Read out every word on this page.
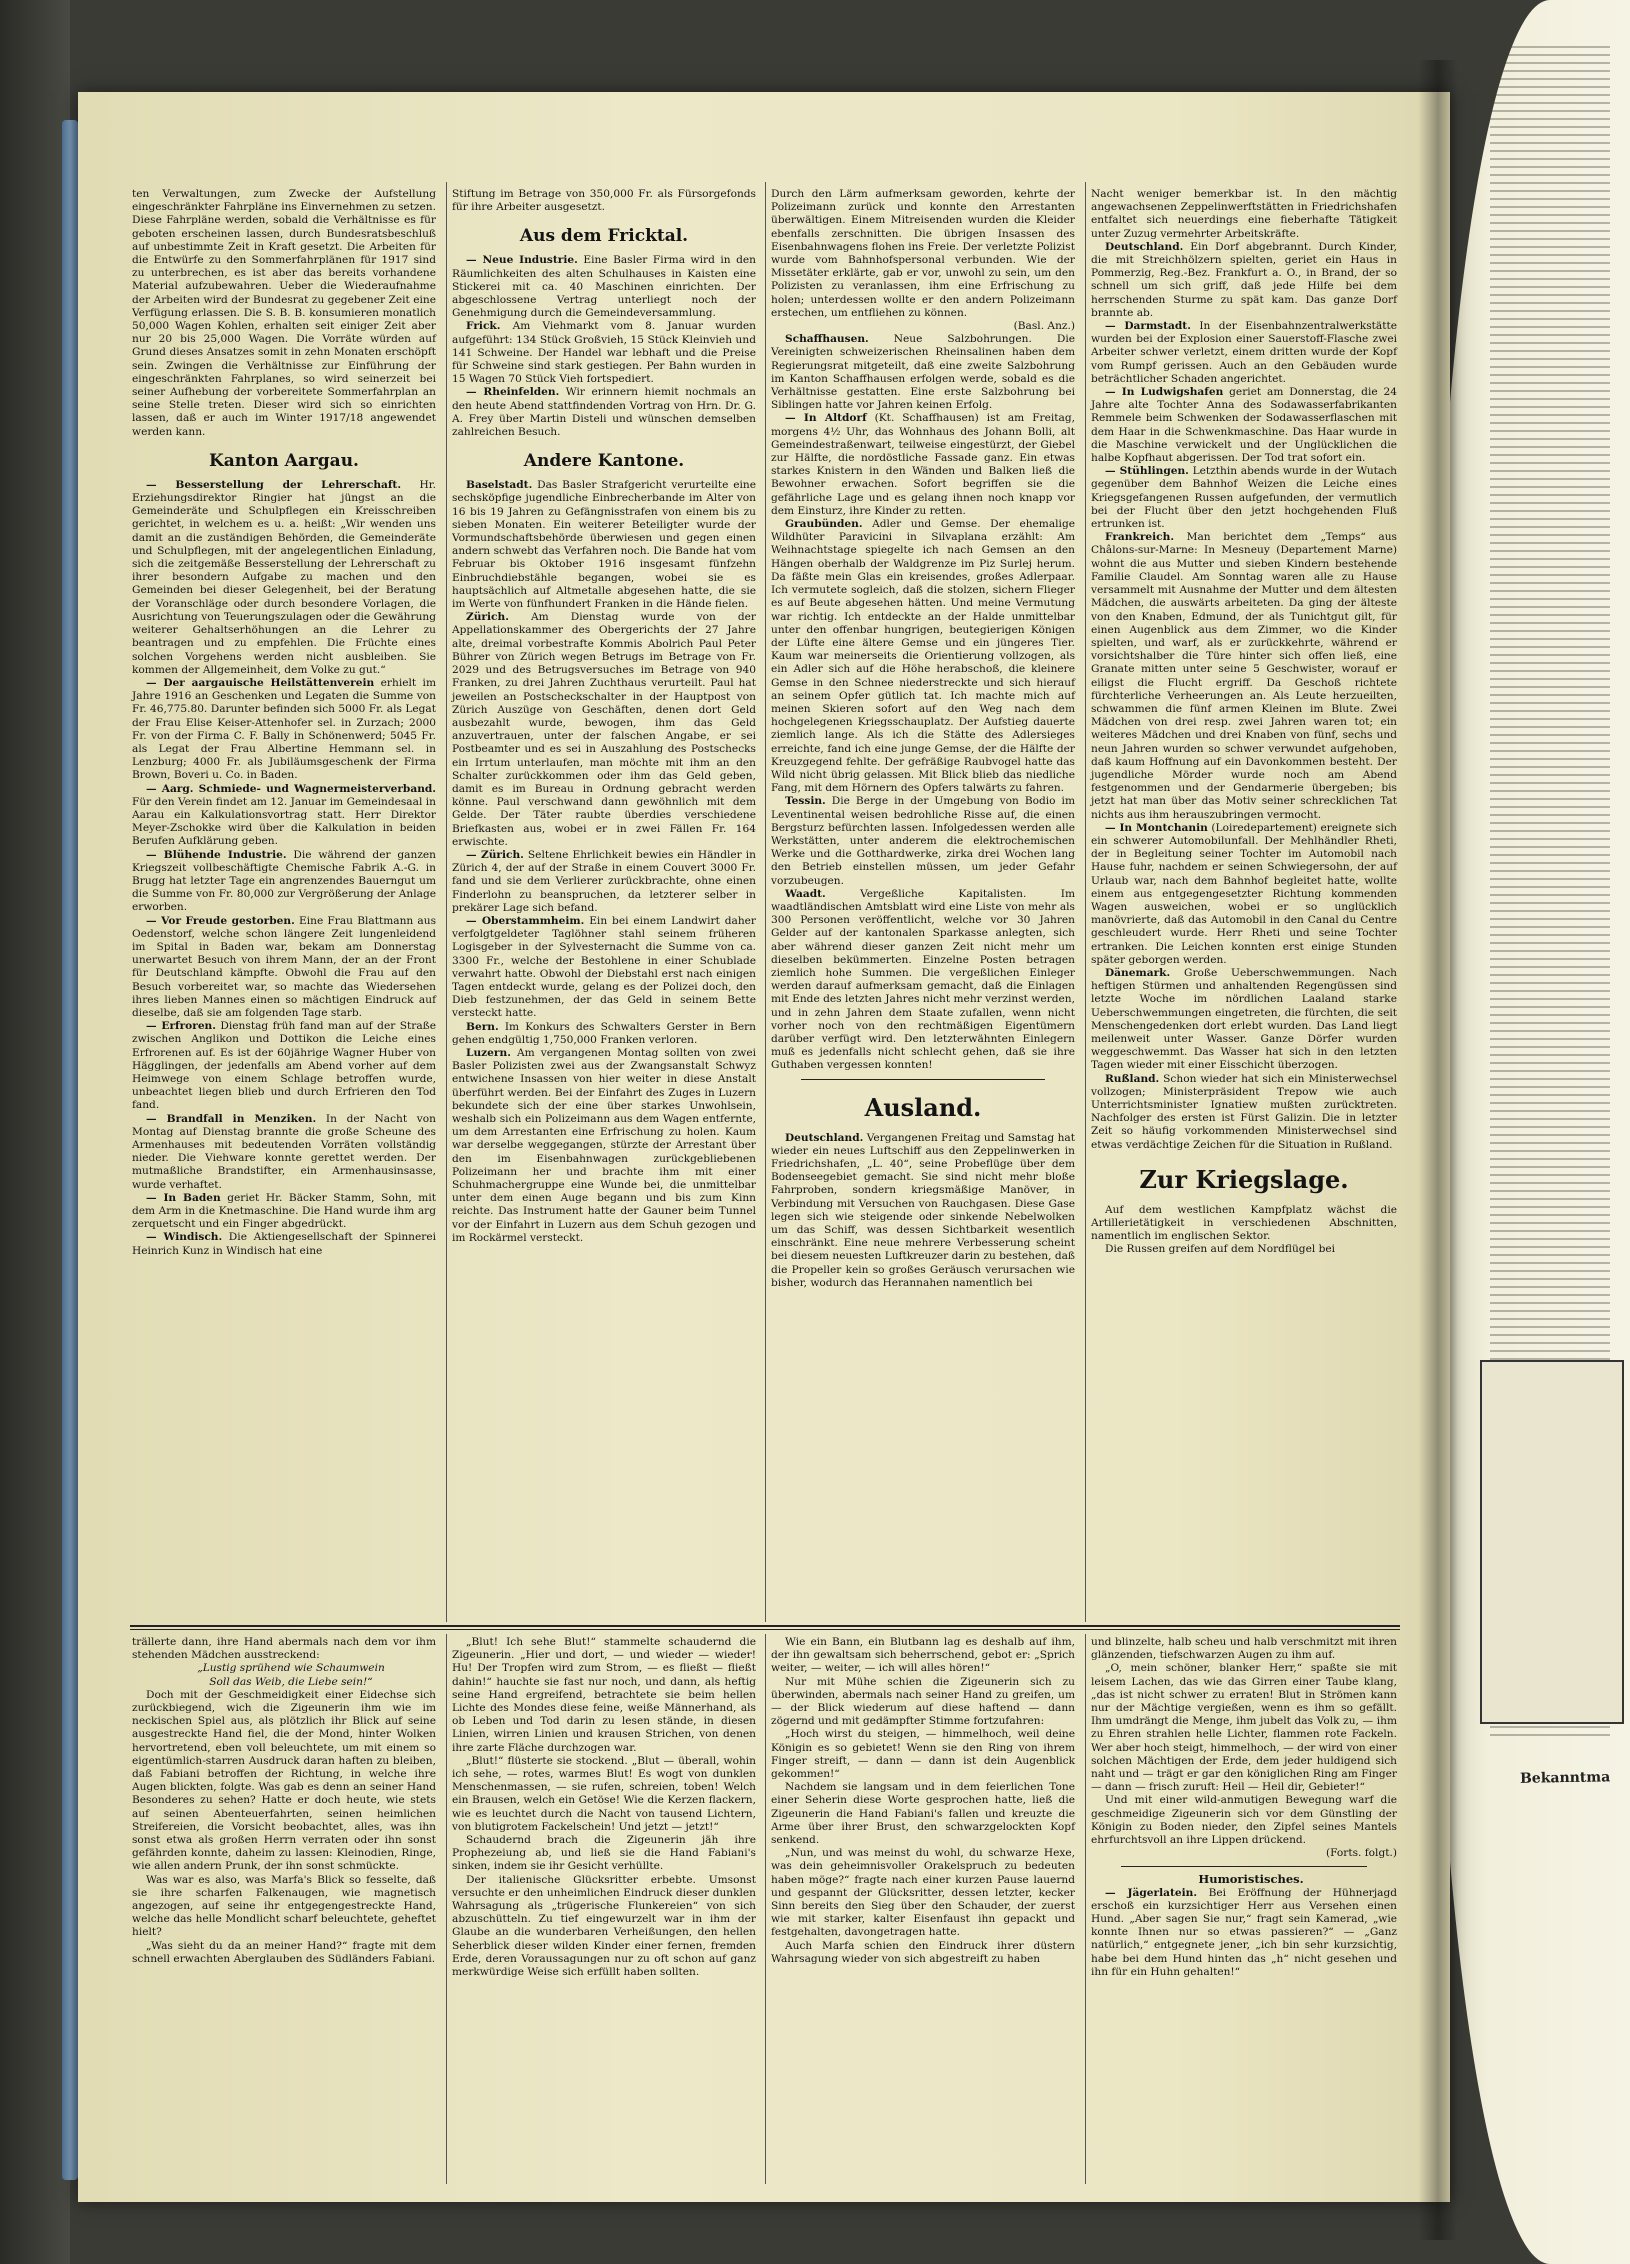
Bekanntma

ten Verwaltungen, zum Zwecke der Aufstellung eingeschränkter Fahrpläne ins Einvernehmen zu setzen. Diese Fahrpläne werden, sobald die Verhältnisse es für geboten erscheinen lassen, durch Bundesratsbeschluß auf unbestimmte Zeit in Kraft gesetzt. Die Arbeiten für die Entwürfe zu den Sommerfahrplänen für 1917 sind zu unterbrechen, es ist aber das bereits vorhandene Material aufzubewahren. Ueber die Wiederaufnahme der Arbeiten wird der Bundesrat zu gegebener Zeit eine Verfügung erlassen. Die S. B. B. konsumieren monatlich 50,000 Wagen Kohlen, erhalten seit einiger Zeit aber nur 20 bis 25,000 Wagen. Die Vorräte würden auf Grund dieses Ansatzes somit in zehn Monaten erschöpft sein. Zwingen die Verhältnisse zur Einführung der eingeschränkten Fahrplanes, so wird seinerzeit bei seiner Aufhebung der vorbereitete Sommerfahrplan an seine Stelle treten. Dieser wird sich so einrichten lassen, daß er auch im Winter 1917/18 angewendet werden kann.

Kanton Aargau.

— Besserstellung der Lehrerschaft. Hr. Erziehungsdirektor Ringier hat jüngst an die Gemeinderäte und Schulpflegen ein Kreisschreiben gerichtet, in welchem es u. a. heißt: „Wir wenden uns damit an die zuständigen Behörden, die Gemeinderäte und Schulpflegen, mit der angelegentlichen Einladung, sich die zeitgemäße Besserstellung der Lehrerschaft zu ihrer besondern Aufgabe zu machen und den Gemeinden bei dieser Gelegenheit, bei der Beratung der Voranschläge oder durch besondere Vorlagen, die Ausrichtung von Teuerungszulagen oder die Gewährung weiterer Gehaltserhöhungen an die Lehrer zu beantragen und zu empfehlen. Die Früchte eines solchen Vorgehens werden nicht ausbleiben. Sie kommen der Allgemeinheit, dem Volke zu gut.“

— Der aargauische Heilstättenverein erhielt im Jahre 1916 an Geschenken und Legaten die Summe von Fr. 46,775.80. Darunter befinden sich 5000 Fr. als Legat der Frau Elise Keiser-Attenhofer sel. in Zurzach; 2000 Fr. von der Firma C. F. Bally in Schönenwerd; 5045 Fr. als Legat der Frau Albertine Hemmann sel. in Lenzburg; 4000 Fr. als Jubiläumsgeschenk der Firma Brown, Boveri u. Co. in Baden.

— Aarg. Schmiede- und Wagnermeisterverband. Für den Verein findet am 12. Januar im Gemeindesaal in Aarau ein Kalkulationsvortrag statt. Herr Direktor Meyer-Zschokke wird über die Kalkulation in beiden Berufen Aufklärung geben.

— Blühende Industrie. Die während der ganzen Kriegszeit vollbeschäftigte Chemische Fabrik A.-G. in Brugg hat letzter Tage ein angrenzendes Bauerngut um die Summe von Fr. 80,000 zur Vergrößerung der Anlage erworben.

— Vor Freude gestorben. Eine Frau Blattmann aus Oedenstorf, welche schon längere Zeit lungenleidend im Spital in Baden war, bekam am Donnerstag unerwartet Besuch von ihrem Mann, der an der Front für Deutschland kämpfte. Obwohl die Frau auf den Besuch vorbereitet war, so machte das Wiedersehen ihres lieben Mannes einen so mächtigen Eindruck auf dieselbe, daß sie am folgenden Tage starb.

— Erfroren. Dienstag früh fand man auf der Straße zwischen Anglikon und Dottikon die Leiche eines Erfrorenen auf. Es ist der 60jährige Wagner Huber von Hägglingen, der jedenfalls am Abend vorher auf dem Heimwege von einem Schlage betroffen wurde, unbeachtet liegen blieb und durch Erfrieren den Tod fand.

— Brandfall in Menziken. In der Nacht von Montag auf Dienstag brannte die große Scheune des Armenhauses mit bedeutenden Vorräten vollständig nieder. Die Viehware konnte gerettet werden. Der mutmaßliche Brandstifter, ein Armenhausinsasse, wurde verhaftet.

— In Baden geriet Hr. Bäcker Stamm, Sohn, mit dem Arm in die Knetmaschine. Die Hand wurde ihm arg zerquetscht und ein Finger abgedrückt.

— Windisch. Die Aktiengesellschaft der Spinnerei Heinrich Kunz in Windisch hat eine

Stiftung im Betrage von 350,000 Fr. als Fürsorgefonds für ihre Arbeiter ausgesetzt.

Aus dem Fricktal.

— Neue Industrie. Eine Basler Firma wird in den Räumlichkeiten des alten Schulhauses in Kaisten eine Stickerei mit ca. 40 Maschinen einrichten. Der abgeschlossene Vertrag unterliegt noch der Genehmigung durch die Gemeindeversammlung.

Frick. Am Viehmarkt vom 8. Januar wurden aufgeführt: 134 Stück Großvieh, 15 Stück Kleinvieh und 141 Schweine. Der Handel war lebhaft und die Preise für Schweine sind stark gestiegen. Per Bahn wurden in 15 Wagen 70 Stück Vieh fortspediert.

— Rheinfelden. Wir erinnern hiemit nochmals an den heute Abend stattfindenden Vortrag von Hrn. Dr. G. A. Frey über Martin Disteli und wünschen demselben zahlreichen Besuch.

Andere Kantone.

Baselstadt. Das Basler Strafgericht verurteilte eine sechsköpfige jugendliche Einbrecherbande im Alter von 16 bis 19 Jahren zu Gefängnisstrafen von einem bis zu sieben Monaten. Ein weiterer Beteiligter wurde der Vormundschaftsbehörde überwiesen und gegen einen andern schwebt das Verfahren noch. Die Bande hat vom Februar bis Oktober 1916 insgesamt fünfzehn Einbruchdiebstähle begangen, wobei sie es hauptsächlich auf Altmetalle abgesehen hatte, die sie im Werte von fünfhundert Franken in die Hände fielen.

Zürich. Am Dienstag wurde von der Appellationskammer des Obergerichts der 27 Jahre alte, dreimal vorbestrafte Kommis Abolrich Paul Peter Bührer von Zürich wegen Betrugs im Betrage von Fr. 2029 und des Betrugsversuches im Betrage von 940 Franken, zu drei Jahren Zuchthaus verurteilt. Paul hat jeweilen an Postscheckschalter in der Hauptpost von Zürich Auszüge von Geschäften, denen dort Geld ausbezahlt wurde, bewogen, ihm das Geld anzuvertrauen, unter der falschen Angabe, er sei Postbeamter und es sei in Auszahlung des Postschecks ein Irrtum unterlaufen, man möchte mit ihm an den Schalter zurückkommen oder ihm das Geld geben, damit es im Bureau in Ordnung gebracht werden könne. Paul verschwand dann gewöhnlich mit dem Gelde. Der Täter raubte überdies verschiedene Briefkasten aus, wobei er in zwei Fällen Fr. 164 erwischte.

— Zürich. Seltene Ehrlichkeit bewies ein Händler in Zürich 4, der auf der Straße in einem Couvert 3000 Fr. fand und sie dem Verlierer zurückbrachte, ohne einen Finderlohn zu beanspruchen, da letzterer selber in prekärer Lage sich befand.

— Oberstammheim. Ein bei einem Landwirt daher verfolgtgeldeter Taglöhner stahl seinem früheren Logisgeber in der Sylvesternacht die Summe von ca. 3300 Fr., welche der Bestohlene in einer Schublade verwahrt hatte. Obwohl der Diebstahl erst nach einigen Tagen entdeckt wurde, gelang es der Polizei doch, den Dieb festzunehmen, der das Geld in seinem Bette versteckt hatte.

Bern. Im Konkurs des Schwalters Gerster in Bern gehen endgültig 1,750,000 Franken verloren.

Luzern. Am vergangenen Montag sollten von zwei Basler Polizisten zwei aus der Zwangsanstalt Schwyz entwichene Insassen von hier weiter in diese Anstalt überführt werden. Bei der Einfahrt des Zuges in Luzern bekundete sich der eine über starkes Unwohlsein, weshalb sich ein Polizeimann aus dem Wagen entfernte, um dem Arrestanten eine Erfrischung zu holen. Kaum war derselbe weggegangen, stürzte der Arrestant über den im Eisenbahnwagen zurückgebliebenen Polizeimann her und brachte ihm mit einer Schuhmachergruppe eine Wunde bei, die unmittelbar unter dem einen Auge begann und bis zum Kinn reichte. Das Instrument hatte der Gauner beim Tunnel vor der Einfahrt in Luzern aus dem Schuh gezogen und im Rockärmel versteckt.

Durch den Lärm aufmerksam geworden, kehrte der Polizeimann zurück und konnte den Arrestanten überwältigen. Einem Mitreisenden wurden die Kleider ebenfalls zerschnitten. Die übrigen Insassen des Eisenbahnwagens flohen ins Freie. Der verletzte Polizist wurde vom Bahnhofspersonal verbunden. Wie der Missetäter erklärte, gab er vor, unwohl zu sein, um den Polizisten zu veranlassen, ihm eine Erfrischung zu holen; unterdessen wollte er den andern Polizeimann erstechen, um entfliehen zu können.

(Basl. Anz.)

Schaffhausen. Neue Salzbohrungen. Die Vereinigten schweizerischen Rheinsalinen haben dem Regierungsrat mitgeteilt, daß eine zweite Salzbohrung im Kanton Schaffhausen erfolgen werde, sobald es die Verhältnisse gestatten. Eine erste Salzbohrung bei Siblingen hatte vor Jahren keinen Erfolg.

— In Altdorf (Kt. Schaffhausen) ist am Freitag, morgens 4½ Uhr, das Wohnhaus des Johann Bolli, alt Gemeindestraßenwart, teilweise eingestürzt, der Giebel zur Hälfte, die nordöstliche Fassade ganz. Ein etwas starkes Knistern in den Wänden und Balken ließ die Bewohner erwachen. Sofort begriffen sie die gefährliche Lage und es gelang ihnen noch knapp vor dem Einsturz, ihre Kinder zu retten.

Graubünden. Adler und Gemse. Der ehemalige Wildhüter Paravicini in Silvaplana erzählt: Am Weihnachtstage spiegelte ich nach Gemsen an den Hängen oberhalb der Waldgrenze im Piz Surlej herum. Da fäßte mein Glas ein kreisendes, großes Adlerpaar. Ich vermutete sogleich, daß die stolzen, sichern Flieger es auf Beute abgesehen hätten. Und meine Vermutung war richtig. Ich entdeckte an der Halde unmittelbar unter den offenbar hungrigen, beutegierigen Königen der Lüfte eine ältere Gemse und ein jüngeres Tier. Kaum war meinerseits die Orientierung vollzogen, als ein Adler sich auf die Höhe herabschoß, die kleinere Gemse in den Schnee niederstreckte und sich hierauf an seinem Opfer gütlich tat. Ich machte mich auf meinen Skieren sofort auf den Weg nach dem hochgelegenen Kriegsschauplatz. Der Aufstieg dauerte ziemlich lange. Als ich die Stätte des Adlersieges erreichte, fand ich eine junge Gemse, der die Hälfte der Kreuzgegend fehlte. Der gefräßige Raubvogel hatte das Wild nicht übrig gelassen. Mit Blick blieb das niedliche Fang, mit dem Hörnern des Opfers talwärts zu fahren.

Tessin. Die Berge in der Umgebung von Bodio im Leventinental weisen bedrohliche Risse auf, die einen Bergsturz befürchten lassen. Infolgedessen werden alle Werkstätten, unter anderem die elektrochemischen Werke und die Gotthardwerke, zirka drei Wochen lang den Betrieb einstellen müssen, um jeder Gefahr vorzubeugen.

Waadt. Vergeßliche Kapitalisten. Im waadtländischen Amtsblatt wird eine Liste von mehr als 300 Personen veröffentlicht, welche vor 30 Jahren Gelder auf der kantonalen Sparkasse anlegten, sich aber während dieser ganzen Zeit nicht mehr um dieselben bekümmerten. Einzelne Posten betragen ziemlich hohe Summen. Die vergeßlichen Einleger werden darauf aufmerksam gemacht, daß die Einlagen mit Ende des letzten Jahres nicht mehr verzinst werden, und in zehn Jahren dem Staate zufallen, wenn nicht vorher noch von den rechtmäßigen Eigentümern darüber verfügt wird. Den letzterwähnten Einlegern muß es jedenfalls nicht schlecht gehen, daß sie ihre Guthaben vergessen konnten!

Ausland.

Deutschland. Vergangenen Freitag und Samstag hat wieder ein neues Luftschiff aus den Zeppelinwerken in Friedrichshafen, „L. 40“, seine Probeflüge über dem Bodenseegebiet gemacht. Sie sind nicht mehr bloße Fahrproben, sondern kriegsmäßige Manöver, in Verbindung mit Versuchen von Rauchgasen. Diese Gase legen sich wie steigende oder sinkende Nebelwolken um das Schiff, was dessen Sichtbarkeit wesentlich einschränkt. Eine neue mehrere Verbesserung scheint bei diesem neuesten Luftkreuzer darin zu bestehen, daß die Propeller kein so großes Geräusch verursachen wie bisher, wodurch das Herannahen namentlich bei

Nacht weniger bemerkbar ist. In den mächtig angewachsenen Zeppelinwerftstätten in Friedrichshafen entfaltet sich neuerdings eine fieberhafte Tätigkeit unter Zuzug vermehrter Arbeitskräfte.

Deutschland. Ein Dorf abgebrannt. Durch Kinder, die mit Streichhölzern spielten, geriet ein Haus in Pommerzig, Reg.-Bez. Frankfurt a. O., in Brand, der so schnell um sich griff, daß jede Hilfe bei dem herrschenden Sturme zu spät kam. Das ganze Dorf brannte ab.

— Darmstadt. In der Eisenbahnzentralwerkstätte wurden bei der Explosion einer Sauerstoff-Flasche zwei Arbeiter schwer verletzt, einem dritten wurde der Kopf vom Rumpf gerissen. Auch an den Gebäuden wurde beträchtlicher Schaden angerichtet.

— In Ludwigshafen geriet am Donnerstag, die 24 Jahre alte Tochter Anna des Sodawasserfabrikanten Remmele beim Schwenken der Sodawasserflaschen mit dem Haar in die Schwenkmaschine. Das Haar wurde in die Maschine verwickelt und der Unglücklichen die halbe Kopfhaut abgerissen. Der Tod trat sofort ein.

— Stühlingen. Letzthin abends wurde in der Wutach gegenüber dem Bahnhof Weizen die Leiche eines Kriegsgefangenen Russen aufgefunden, der vermutlich bei der Flucht über den jetzt hochgehenden Fluß ertrunken ist.

Frankreich. Man berichtet dem „Temps“ aus Châlons-sur-Marne: In Mesneuy (Departement Marne) wohnt die aus Mutter und sieben Kindern bestehende Familie Claudel. Am Sonntag waren alle zu Hause versammelt mit Ausnahme der Mutter und dem ältesten Mädchen, die auswärts arbeiteten. Da ging der älteste von den Knaben, Edmund, der als Tunichtgut gilt, für einen Augenblick aus dem Zimmer, wo die Kinder spielten, und warf, als er zurückkehrte, während er vorsichtshalber die Türe hinter sich offen ließ, eine Granate mitten unter seine 5 Geschwister, worauf er eiligst die Flucht ergriff. Da Geschoß richtete fürchterliche Verheerungen an. Als Leute herzueilten, schwammen die fünf armen Kleinen im Blute. Zwei Mädchen von drei resp. zwei Jahren waren tot; ein weiteres Mädchen und drei Knaben von fünf, sechs und neun Jahren wurden so schwer verwundet aufgehoben, daß kaum Hoffnung auf ein Davonkommen besteht. Der jugendliche Mörder wurde noch am Abend festgenommen und der Gendarmerie übergeben; bis jetzt hat man über das Motiv seiner schrecklichen Tat nichts aus ihm herauszubringen vermocht.

— In Montchanin (Loiredepartement) ereignete sich ein schwerer Automobilunfall. Der Mehlhändler Rheti, der in Begleitung seiner Tochter im Automobil nach Hause fuhr, nachdem er seinen Schwiegersohn, der auf Urlaub war, nach dem Bahnhof begleitet hatte, wollte einem aus entgegengesetzter Richtung kommenden Wagen ausweichen, wobei er so unglücklich manövrierte, daß das Automobil in den Canal du Centre geschleudert wurde. Herr Rheti und seine Tochter ertranken. Die Leichen konnten erst einige Stunden später geborgen werden.

Dänemark. Große Ueberschwemmungen. Nach heftigen Stürmen und anhaltenden Regengüssen sind letzte Woche im nördlichen Laaland starke Ueberschwemmungen eingetreten, die fürchten, die seit Menschengedenken dort erlebt wurden. Das Land liegt meilenweit unter Wasser. Ganze Dörfer wurden weggeschwemmt. Das Wasser hat sich in den letzten Tagen wieder mit einer Eisschicht überzogen.

Rußland. Schon wieder hat sich ein Ministerwechsel vollzogen; Ministerpräsident Trepow wie auch Unterrichtsminister Ignatiew mußten zurücktreten. Nachfolger des ersten ist Fürst Galizin. Die in letzter Zeit so häufig vorkommenden Ministerwechsel sind etwas verdächtige Zeichen für die Situation in Rußland.

Zur Kriegslage.

Auf dem westlichen Kampfplatz wächst die Artillerietätigkeit in verschiedenen Abschnitten, namentlich im englischen Sektor.

Die Russen greifen auf dem Nordflügel bei

trällerte dann, ihre Hand abermals nach dem vor ihm stehenden Mädchen ausstreckend:

„Lustig sprühend wie Schaumwein

Soll das Weib, die Liebe sein!“

Doch mit der Geschmeidigkeit einer Eidechse sich zurückbiegend, wich die Zigeunerin ihm wie im neckischen Spiel aus, als plötzlich ihr Blick auf seine ausgestreckte Hand fiel, die der Mond, hinter Wolken hervortretend, eben voll beleuchtete, um mit einem so eigentümlich-starren Ausdruck daran haften zu bleiben, daß Fabiani betroffen der Richtung, in welche ihre Augen blickten, folgte. Was gab es denn an seiner Hand Besonderes zu sehen? Hatte er doch heute, wie stets auf seinen Abenteuerfahrten, seinen heimlichen Streifereien, die Vorsicht beobachtet, alles, was ihn sonst etwa als großen Herrn verraten oder ihn sonst gefährden konnte, daheim zu lassen: Kleinodien, Ringe, wie allen andern Prunk, der ihn sonst schmückte.

Was war es also, was Marfa's Blick so fesselte, daß sie ihre scharfen Falkenaugen, wie magnetisch angezogen, auf seine ihr entgegengestreckte Hand, welche das helle Mondlicht scharf beleuchtete, geheftet hielt?

„Was sieht du da an meiner Hand?“ fragte mit dem schnell erwachten Aberglauben des Südländers Fabiani.

„Blut! Ich sehe Blut!“ stammelte schaudernd die Zigeunerin. „Hier und dort, — und wieder — wieder! Hu! Der Tropfen wird zum Strom, — es fließt — fließt dahin!“ hauchte sie fast nur noch, und dann, als heftig seine Hand ergreifend, betrachtete sie beim hellen Lichte des Mondes diese feine, weiße Männerhand, als ob Leben und Tod darin zu lesen stände, in diesen Linien, wirren Linien und krausen Strichen, von denen ihre zarte Fläche durchzogen war.

„Blut!“ flüsterte sie stockend. „Blut — überall, wohin ich sehe, — rotes, warmes Blut! Es wogt von dunklen Menschenmassen, — sie rufen, schreien, toben! Welch ein Brausen, welch ein Getöse! Wie die Kerzen flackern, wie es leuchtet durch die Nacht von tausend Lichtern, von blutigrotem Fackelschein! Und jetzt — jetzt!“

Schaudernd brach die Zigeunerin jäh ihre Prophezeiung ab, und ließ sie die Hand Fabiani's sinken, indem sie ihr Gesicht verhüllte.

Der italienische Glücksritter erbebte. Umsonst versuchte er den unheimlichen Eindruck dieser dunklen Wahrsagung als „trügerische Flunkereien“ von sich abzuschütteln. Zu tief eingewurzelt war in ihm der Glaube an die wunderbaren Verheißungen, den hellen Seherblick dieser wilden Kinder einer fernen, fremden Erde, deren Voraussagungen nur zu oft schon auf ganz merkwürdige Weise sich erfüllt haben sollten.

Wie ein Bann, ein Blutbann lag es deshalb auf ihm, der ihn gewaltsam sich beherrschend, gebot er: „Sprich weiter, — weiter, — ich will alles hören!“

Nur mit Mühe schien die Zigeunerin sich zu überwinden, abermals nach seiner Hand zu greifen, um — der Blick wiederum auf diese haftend — dann zögernd und mit gedämpfter Stimme fortzufahren:

„Hoch wirst du steigen, — himmelhoch, weil deine Königin es so gebietet! Wenn sie den Ring von ihrem Finger streift, — dann — dann ist dein Augenblick gekommen!“

Nachdem sie langsam und in dem feierlichen Tone einer Seherin diese Worte gesprochen hatte, ließ die Zigeunerin die Hand Fabiani's fallen und kreuzte die Arme über ihrer Brust, den schwarzgelockten Kopf senkend.

„Nun, und was meinst du wohl, du schwarze Hexe, was dein geheimnisvoller Orakelspruch zu bedeuten haben möge?“ fragte nach einer kurzen Pause lauernd und gespannt der Glücksritter, dessen letzter, kecker Sinn bereits den Sieg über den Schauder, der zuerst wie mit starker, kalter Eisenfaust ihn gepackt und festgehalten, davongetragen hatte.

Auch Marfa schien den Eindruck ihrer düstern Wahrsagung wieder von sich abgestreift zu haben

und blinzelte, halb scheu und halb verschmitzt mit ihren glänzenden, tiefschwarzen Augen zu ihm auf.

„O, mein schöner, blanker Herr,“ spaßte sie mit leisem Lachen, das wie das Girren einer Taube klang, „das ist nicht schwer zu erraten! Blut in Strömen kann nur der Mächtige vergießen, wenn es ihm so gefällt. Ihm umdrängt die Menge, ihm jubelt das Volk zu, — ihm zu Ehren strahlen helle Lichter, flammen rote Fackeln. Wer aber hoch steigt, himmelhoch, — der wird von einer solchen Mächtigen der Erde, dem jeder huldigend sich naht und — trägt er gar den königlichen Ring am Finger — dann — frisch zuruft: Heil — Heil dir, Gebieter!“

Und mit einer wild-anmutigen Bewegung warf die geschmeidige Zigeunerin sich vor dem Günstling der Königin zu Boden nieder, den Zipfel seines Mantels ehrfurchtsvoll an ihre Lippen drückend.

(Forts. folgt.)

Humoristisches.

— Jägerlatein. Bei Eröffnung der Hühnerjagd erschoß ein kurzsichtiger Herr aus Versehen einen Hund. „Aber sagen Sie nur,“ fragt sein Kamerad, „wie konnte Ihnen nur so etwas passieren?“ — „Ganz natürlich,“ entgegnete jener, „ich bin sehr kurzsichtig, habe bei dem Hund hinten das „h“ nicht gesehen und ihn für ein Huhn gehalten!“
